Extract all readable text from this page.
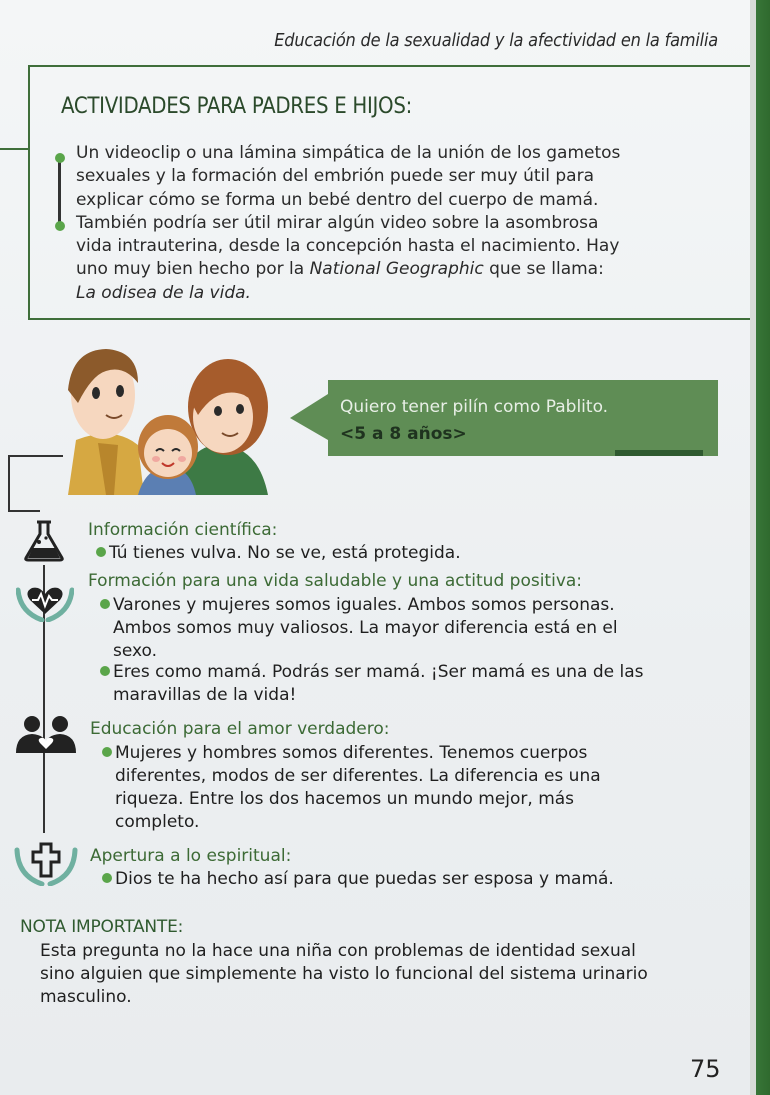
Educación de la sexualidad y la afectividad en la familia
ACTIVIDADES PARA PADRES E HIJOS:

Un videoclip o una lámina simpática de la unión de los gametos

sexuales y la formación del embrión puede ser muy útil para

explicar cómo se forma un bebé dentro del cuerpo de mamá.

También podría ser útil mirar algún video sobre la asombrosa

vida intrauterina, desde la concepción hasta el nacimiento. Hay

uno muy bien hecho por la National Geographic que se llama:

La odisea de la vida.

Quiero tener pilín como Pablito.
<5 a 8 años>
Información científica:
Tú tienes vulva. No se ve, está protegida.
Formación para una vida saludable y una actitud positiva:
Varones y mujeres somos iguales. Ambos somos personas.
Ambos somos muy valiosos. La mayor diferencia está en el
sexo.
Eres como mamá. Podrás ser mamá. ¡Ser mamá es una de las
maravillas de la vida!
Educación para el amor verdadero:
Mujeres y hombres somos diferentes. Tenemos cuerpos
diferentes, modos de ser diferentes. La diferencia es una
riqueza. Entre los dos hacemos un mundo mejor, más
completo.
Apertura a lo espiritual:
Dios te ha hecho así para que puedas ser esposa y mamá.
NOTA IMPORTANTE:
Esta pregunta no la hace una niña con problemas de identidad sexual
sino alguien que simplemente ha visto lo funcional del sistema urinario
masculino.
75
